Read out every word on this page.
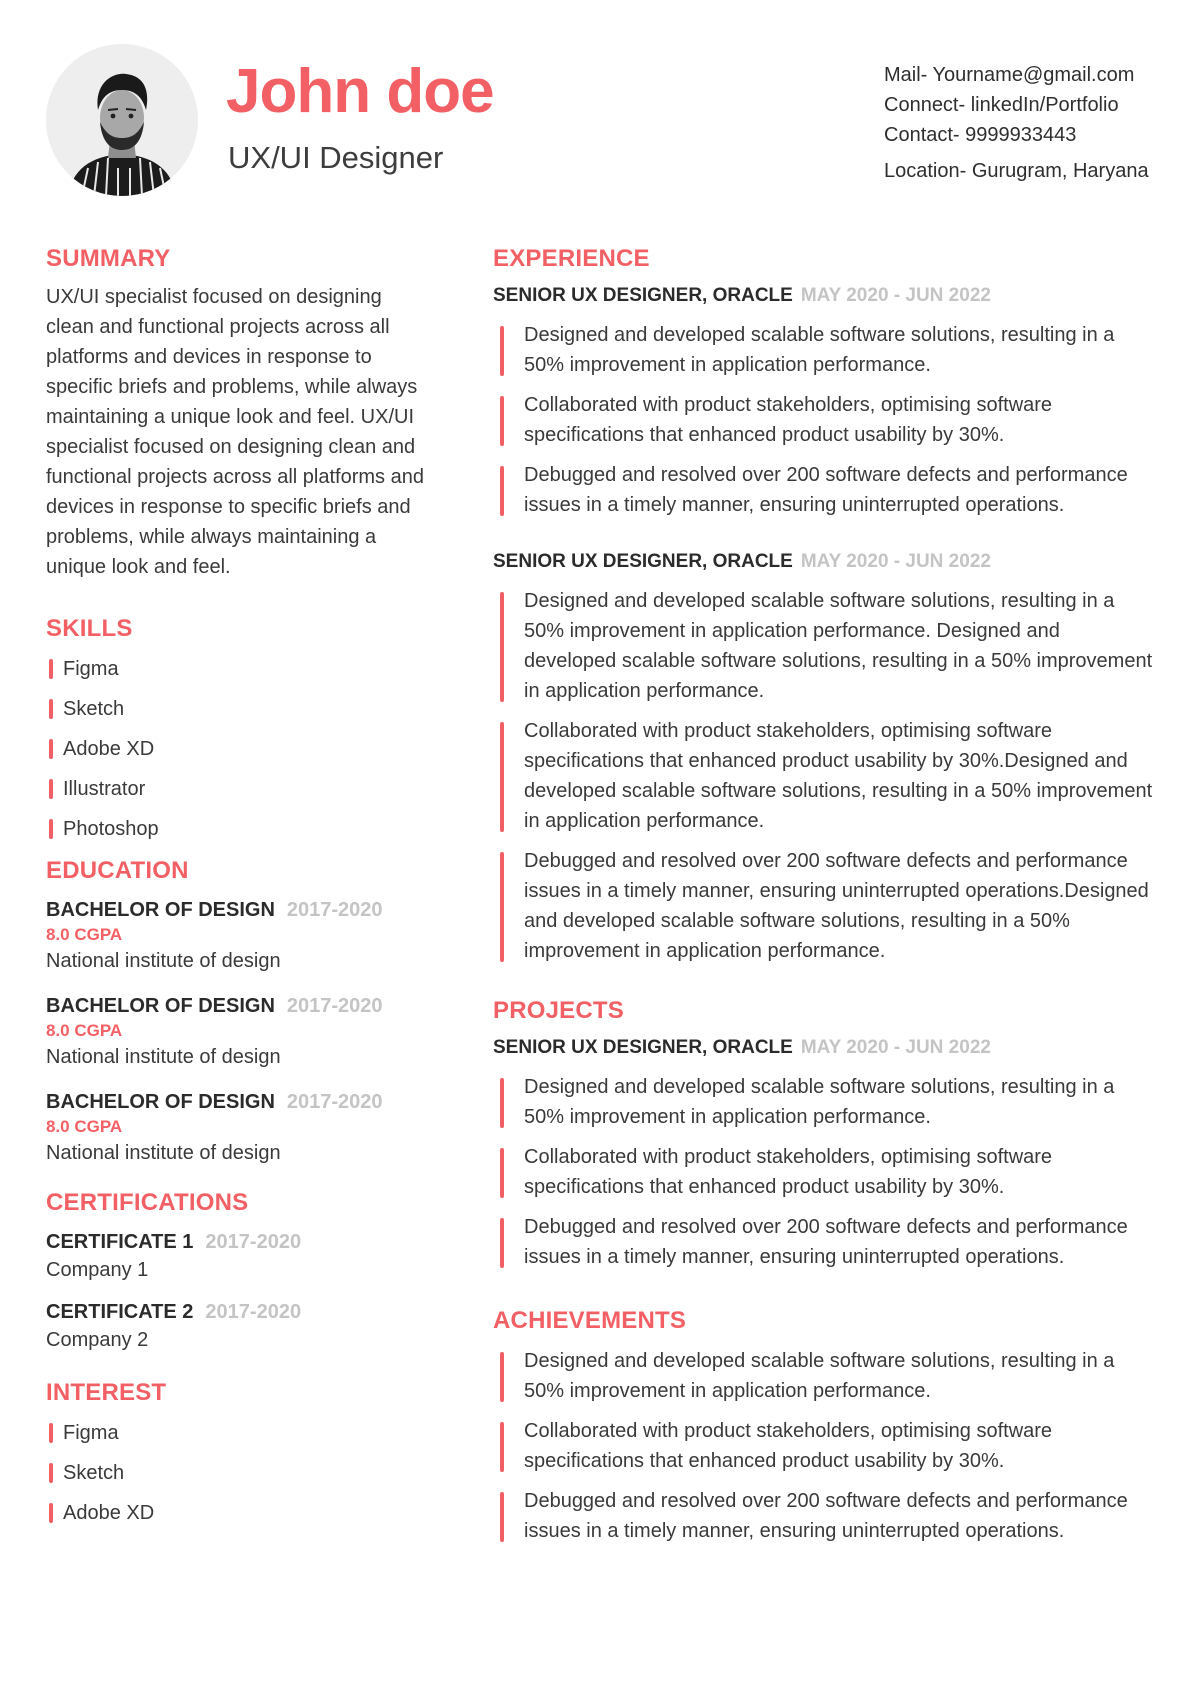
John doe
UX/UI Designer
Mail- Yourname@gmail.com
Connect- linkedIn/Portfolio
Contact- 9999933443
Location- Gurugram, Haryana
SUMMARY
UX/UI specialist focused on designing clean and functional projects across all platforms and devices in response to specific briefs and problems, while always maintaining a unique look and feel. UX/UI specialist focused on designing clean and functional projects across all platforms and devices in response to specific briefs and problems, while always maintaining a unique look and feel.
SKILLS
Figma
Sketch
Adobe XD
Illustrator
Photoshop
EDUCATION
BACHELOR OF DESIGN 2017-2020
8.0 CGPA
National institute of design
BACHELOR OF DESIGN 2017-2020
8.0 CGPA
National institute of design
BACHELOR OF DESIGN 2017-2020
8.0 CGPA
National institute of design
CERTIFICATIONS
CERTIFICATE 1 2017-2020
Company 1
CERTIFICATE 2 2017-2020
Company 2
INTEREST
Figma
Sketch
Adobe XD
EXPERIENCE
SENIOR UX DESIGNER, ORACLE MAY 2020 - JUN 2022
Designed and developed scalable software solutions, resulting in a 50% improvement in application performance.
Collaborated with product stakeholders, optimising software specifications that enhanced product usability by 30%.
Debugged and resolved over 200 software defects and performance issues in a timely manner, ensuring uninterrupted operations.
SENIOR UX DESIGNER, ORACLE MAY 2020 - JUN 2022
Designed and developed scalable software solutions, resulting in a 50% improvement in application performance. Designed and developed scalable software solutions, resulting in a 50% improvement in application performance.
Collaborated with product stakeholders, optimising software specifications that enhanced product usability by 30%.Designed and developed scalable software solutions, resulting in a 50% improvement in application performance.
Debugged and resolved over 200 software defects and performance issues in a timely manner, ensuring uninterrupted operations.Designed and developed scalable software solutions, resulting in a 50% improvement in application performance.
PROJECTS
SENIOR UX DESIGNER, ORACLE MAY 2020 - JUN 2022
Designed and developed scalable software solutions, resulting in a 50% improvement in application performance.
Collaborated with product stakeholders, optimising software specifications that enhanced product usability by 30%.
Debugged and resolved over 200 software defects and performance issues in a timely manner, ensuring uninterrupted operations.
ACHIEVEMENTS
Designed and developed scalable software solutions, resulting in a 50% improvement in application performance.
Collaborated with product stakeholders, optimising software specifications that enhanced product usability by 30%.
Debugged and resolved over 200 software defects and performance issues in a timely manner, ensuring uninterrupted operations.
